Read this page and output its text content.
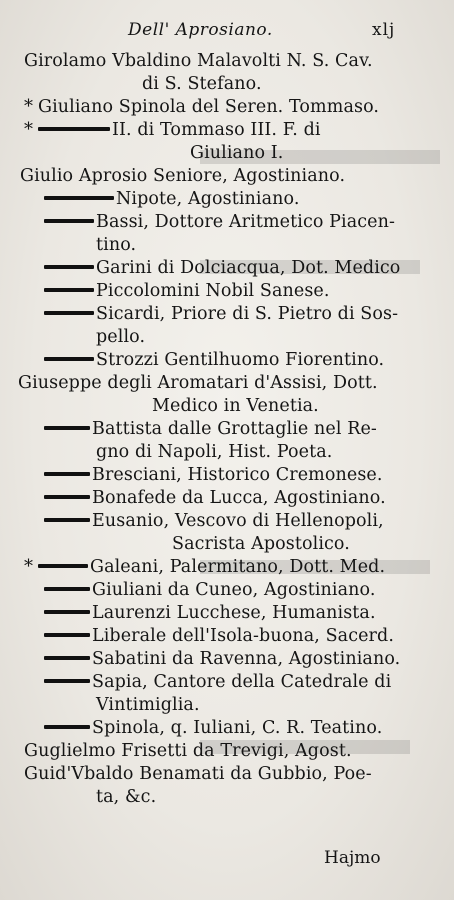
Dell' Aprosiano.	xlj
Girolamo Vbaldino Malavolti N. S. Cav.
di S. Stefano.
* Giuliano Spinola del Seren. Tommaso.
*	II. di Tommaso III. F. di
Giuliano I.
Giulio Aprosio Seniore, Agostiniano.
Nipote, Agostiniano.
Bassi, Dottore Aritmetico Piacen-
tino.
Garini di Dolciacqua, Dot. Medico
Piccolomini Nobil Sanese.
Sicardi, Priore di S. Pietro di Sos-
pello.
Strozzi Gentilhuomo Fiorentino.
Giuseppe degli Aromatari d'Assisi, Dott.
Medico in Venetia.
Battista dalle Grottaglie nel Re-
gno di Napoli, Hist. Poeta.
Bresciani, Historico Cremonese.
Bonafede da Lucca, Agostiniano.
Eusanio, Vescovo di Hellenopoli,
Sacrista Apostolico.
*	Galeani, Palermitano, Dott. Med.
Giuliani da Cuneo, Agostiniano.
Laurenzi Lucchese, Humanista.
Liberale dell'Isola-buona, Sacerd.
Sabatini da Ravenna, Agostiniano.
Sapia, Cantore della Catedrale di
Vintimiglia.
Spinola, q. Iuliani, C. R. Teatino.
Guglielmo Frisetti da Trevigi, Agost.
Guid'Vbaldo Benamati da Gubbio, Poe-
ta, &c.
Hajmo
